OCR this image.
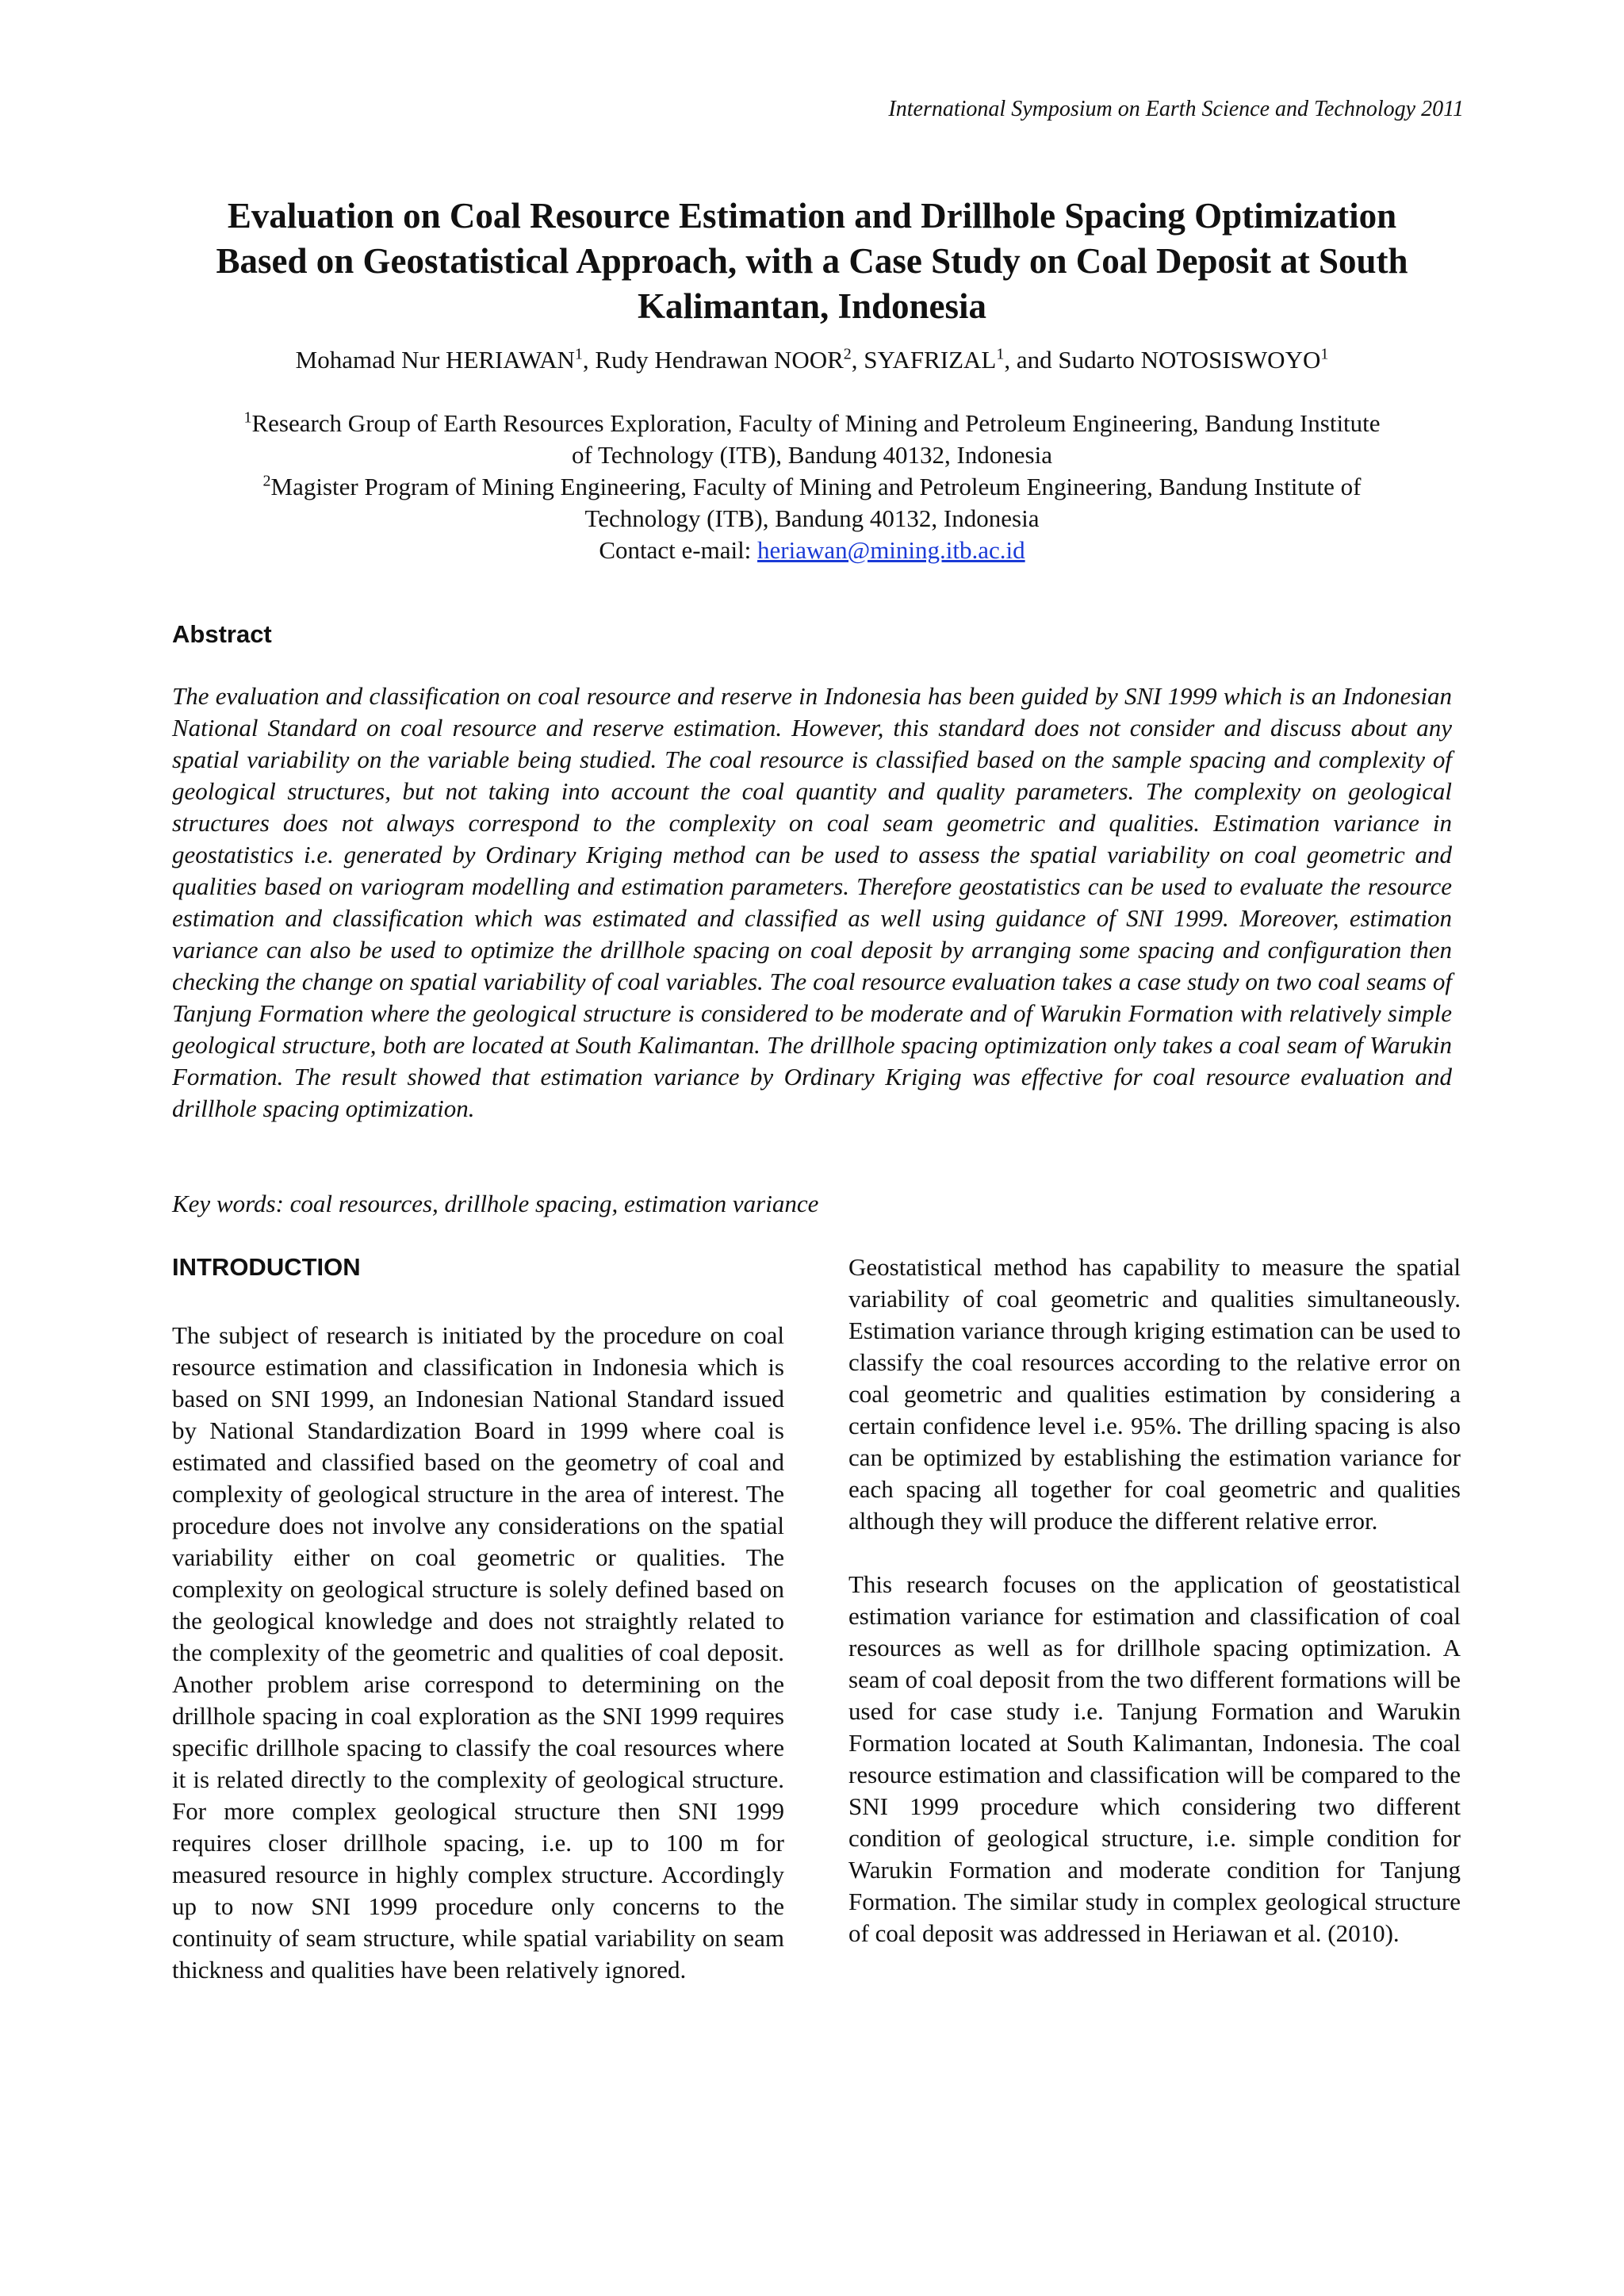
International Symposium on Earth Science and Technology 2011

Evaluation on Coal Resource Estimation and Drillhole Spacing Optimization
Based on Geostatistical Approach, with a Case Study on Coal Deposit at South
Kalimantan, Indonesia

Mohamad Nur HERIAWAN$^1$, Rudy Hendrawan NOOR$^2$, SYAFRIZAL$^1$, and Sudarto NOTOSISWOYO$^1$
$^1$Research Group of Earth Resources Exploration, Faculty of Mining and Petroleum Engineering, Bandung Institute
of Technology (ITB), Bandung 40132, Indonesia
$^2$Magister Program of Mining Engineering, Faculty of Mining and Petroleum Engineering, Bandung Institute of
Technology (ITB), Bandung 40132, Indonesia
Contact e-mail: heriawan@mining.itb.ac.id
Abstract

The evaluation and classification on coal resource and reserve in Indonesia has been guided by SNI 1999 which is an Indonesian National Standard on coal resource and reserve estimation. However, this standard does not consider and discuss about any spatial variability on the variable being studied. The coal resource is classified based on the sample spacing and complexity of geological structures, but not taking into account the coal quantity and quality parameters. The complexity on geological structures does not always correspond to the complexity on coal seam geometric and qualities. Estimation variance in geostatistics i.e. generated by Ordinary Kriging method can be used to assess the spatial variability on coal geometric and qualities based on variogram modelling and estimation parameters. Therefore geostatistics can be used to evaluate the resource estimation and classification which was estimated and classified as well using guidance of SNI 1999. Moreover, estimation variance can also be used to optimize the drillhole spacing on coal deposit by arranging some spacing and configuration then checking the change on spatial variability of coal variables. The coal resource evaluation takes a case study on two coal seams of Tanjung Formation where the geological structure is considered to be moderate and of Warukin Formation with relatively simple geological structure, both are located at South Kalimantan. The drillhole spacing optimization only takes a coal seam of Warukin Formation. The result showed that estimation variance by Ordinary Kriging was effective for coal resource evaluation and drillhole spacing optimization.

Key words: coal resources, drillhole spacing, estimation variance

INTRODUCTION

The subject of research is initiated by the procedure on coal resource estimation and classification in Indonesia which is based on SNI 1999, an Indonesian National Standard issued by National Standardization Board in 1999 where coal is estimated and classified based on the geometry of coal and complexity of geological structure in the area of interest. The procedure does not involve any considerations on the spatial variability either on coal geometric or qualities. The complexity on geological structure is solely defined based on the geological knowledge and does not straightly related to the complexity of the geometric and qualities of coal deposit. Another problem arise correspond to determining on the drillhole spacing in coal exploration as the SNI 1999 requires specific drillhole spacing to classify the coal resources where it is related directly to the complexity of geological structure. For more complex geological structure then SNI 1999 requires closer drillhole spacing, i.e. up to 100 m for measured resource in highly complex structure. Accordingly up to now SNI 1999 procedure only concerns to the continuity of seam structure, while spatial variability on seam thickness and qualities have been relatively ignored.

Geostatistical method has capability to measure the spatial variability of coal geometric and qualities simultaneously. Estimation variance through kriging estimation can be used to classify the coal resources according to the relative error on coal geometric and qualities estimation by considering a certain confidence level i.e. 95%. The drilling spacing is also can be optimized by establishing the estimation variance for each spacing all together for coal geometric and qualities although they will produce the different relative error.

This research focuses on the application of geostatistical estimation variance for estimation and classification of coal resources as well as for drillhole spacing optimization. A seam of coal deposit from the two different formations will be used for case study i.e. Tanjung Formation and Warukin Formation located at South Kalimantan, Indonesia. The coal resource estimation and classification will be compared to the SNI 1999 procedure which considering two different condition of geological structure, i.e. simple condition for Warukin Formation and moderate condition for Tanjung Formation. The similar study in complex geological structure of coal deposit was addressed in Heriawan et al. (2010).
